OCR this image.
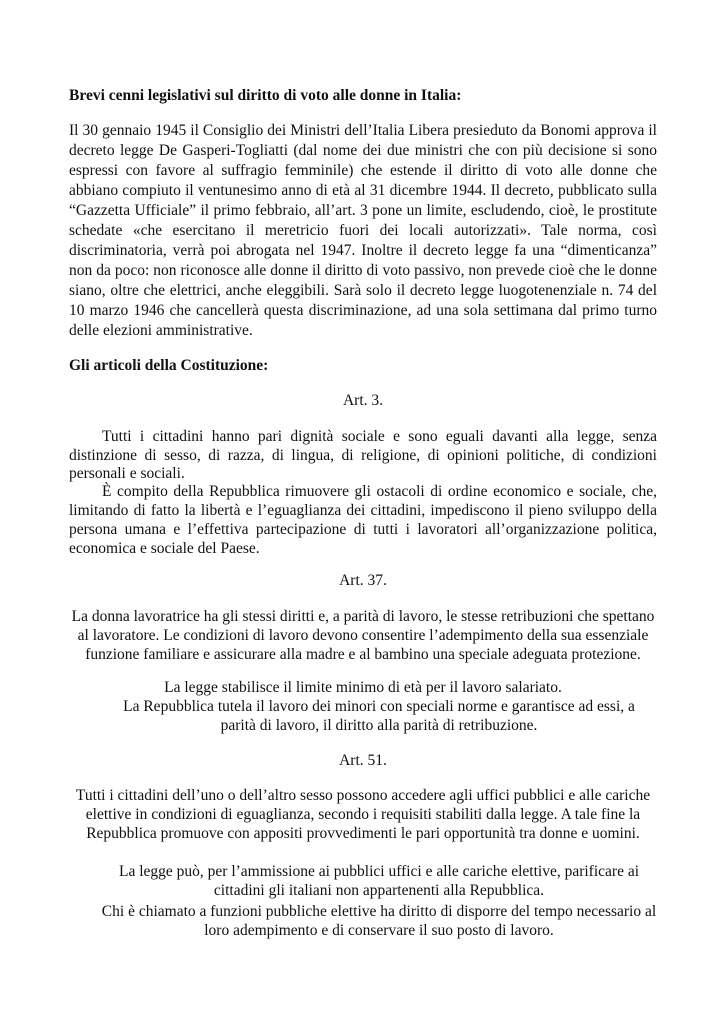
Brevi cenni legislativi sul diritto di voto alle donne in Italia:

Il 30 gennaio 1945 il Consiglio dei Ministri dell’Italia Libera presieduto da Bonomi approva il decreto legge De Gasperi-Togliatti (dal nome dei due ministri che con più decisione si sono espressi con favore al suffragio femminile) che estende il diritto di voto alle donne che abbiano compiuto il ventunesimo anno di età al 31 dicembre 1944. Il decreto, pubblicato sulla “Gazzetta Ufficiale” il primo febbraio, all’art. 3 pone un limite, escludendo, cioè, le prostitute schedate «che esercitano il meretricio fuori dei locali autorizzati». Tale norma, così discriminatoria, verrà poi abrogata nel 1947. Inoltre il decreto legge fa una “dimenticanza” non da poco: non riconosce alle donne il diritto di voto passivo, non prevede cioè che le donne siano, oltre che elettrici, anche eleggibili. Sarà solo il decreto legge luogotenenziale n. 74 del 10 marzo 1946 che cancellerà questa discriminazione, ad una sola settimana dal primo turno delle elezioni amministrative.

Gli articoli della Costituzione:
Art. 3.

Tutti i cittadini hanno pari dignità sociale e sono eguali davanti alla legge, senza distinzione di sesso, di razza, di lingua, di religione, di opinioni politiche, di condizioni personali e sociali.

È compito della Repubblica rimuovere gli ostacoli di ordine economico e sociale, che, limitando di fatto la libertà e l’eguaglianza dei cittadini, impediscono il pieno sviluppo della persona umana e l’effettiva partecipazione di tutti i lavoratori all’organizzazione politica, economica e sociale del Paese.

Art. 37.

La donna lavoratrice ha gli stessi diritti e, a parità di lavoro, le stesse retribuzioni che spettano al lavoratore. Le condizioni di lavoro devono consentire l’adempimento della sua essenziale funzione familiare e assicurare alla madre e al bambino una speciale adeguata protezione.

La legge stabilisce il limite minimo di età per il lavoro salariato.

La Repubblica tutela il lavoro dei minori con speciali norme e garantisce ad essi, a parità di lavoro, il diritto alla parità di retribuzione.

Art. 51.

Tutti i cittadini dell’uno o dell’altro sesso possono accedere agli uffici pubblici e alle cariche elettive in condizioni di eguaglianza, secondo i requisiti stabiliti dalla legge. A tale fine la Repubblica promuove con appositi provvedimenti le pari opportunità tra donne e uomini.

La legge può, per l’ammissione ai pubblici uffici e alle cariche elettive, parificare ai cittadini gli italiani non appartenenti alla Repubblica.

Chi è chiamato a funzioni pubbliche elettive ha diritto di disporre del tempo necessario al loro adempimento e di conservare il suo posto di lavoro.
